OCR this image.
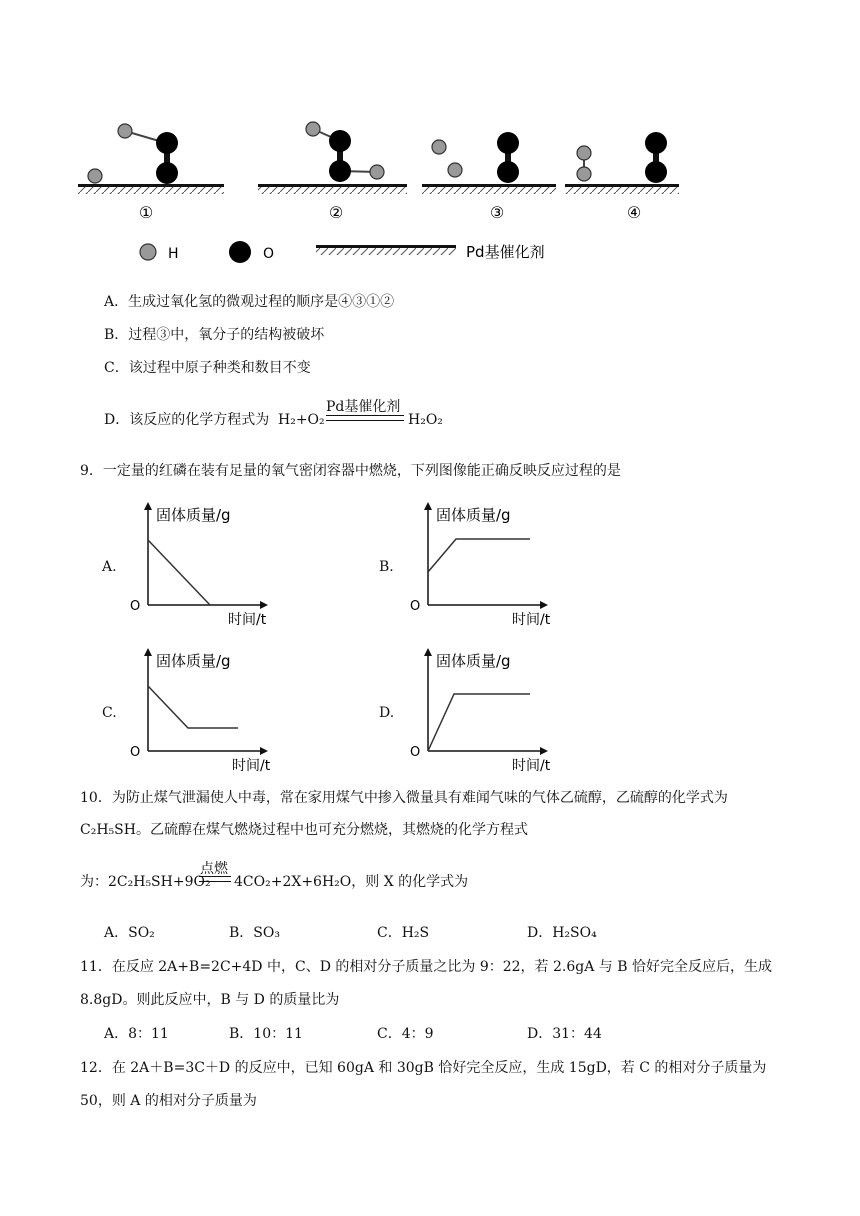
①	②	③	④
H	O	Pd基催化剂
A．生成过氧化氢的微观过程的顺序是④③①②
B．过程③中，氧分子的结构被破坏
C．该过程中原子种类和数目不变
D．该反应的化学方程式为 H₂+O₂
Pd基催化剂
H₂O₂
9．一定量的红磷在装有足量的氧气密闭容器中燃烧，下列图像能正确反映反应过程的是
A.
固体质量/g
O
时间/t
B.
固体质量/g
O
时间/t
C.
固体质量/g
O
时间/t
D.
固体质量/g
O
时间/t
10．为防止煤气泄漏使人中毒，常在家用煤气中掺入微量具有难闻气味的气体乙硫醇，乙硫醇的化学式为
C₂H₅SH。乙硫醇在煤气燃烧过程中也可充分燃烧，其燃烧的化学方程式
为：2C₂H₅SH+9O₂
点燃
4CO₂+2X+6H₂O，则 X 的化学式为
A．SO₂	B．SO₃	C．H₂S	D．H₂SO₄
11．在反应 2A+B=2C+4D 中，C、D 的相对分子质量之比为 9：22，若 2.6gA 与 B 恰好完全反应后，生成
8.8gD。则此反应中，B 与 D 的质量比为
A．8：11	B．10：11	C．4：9	D．31：44
12．在 2A＋B=3C＋D 的反应中，已知 60gA 和 30gB 恰好完全反应，生成 15gD，若 C 的相对分子质量为
50，则 A 的相对分子质量为
